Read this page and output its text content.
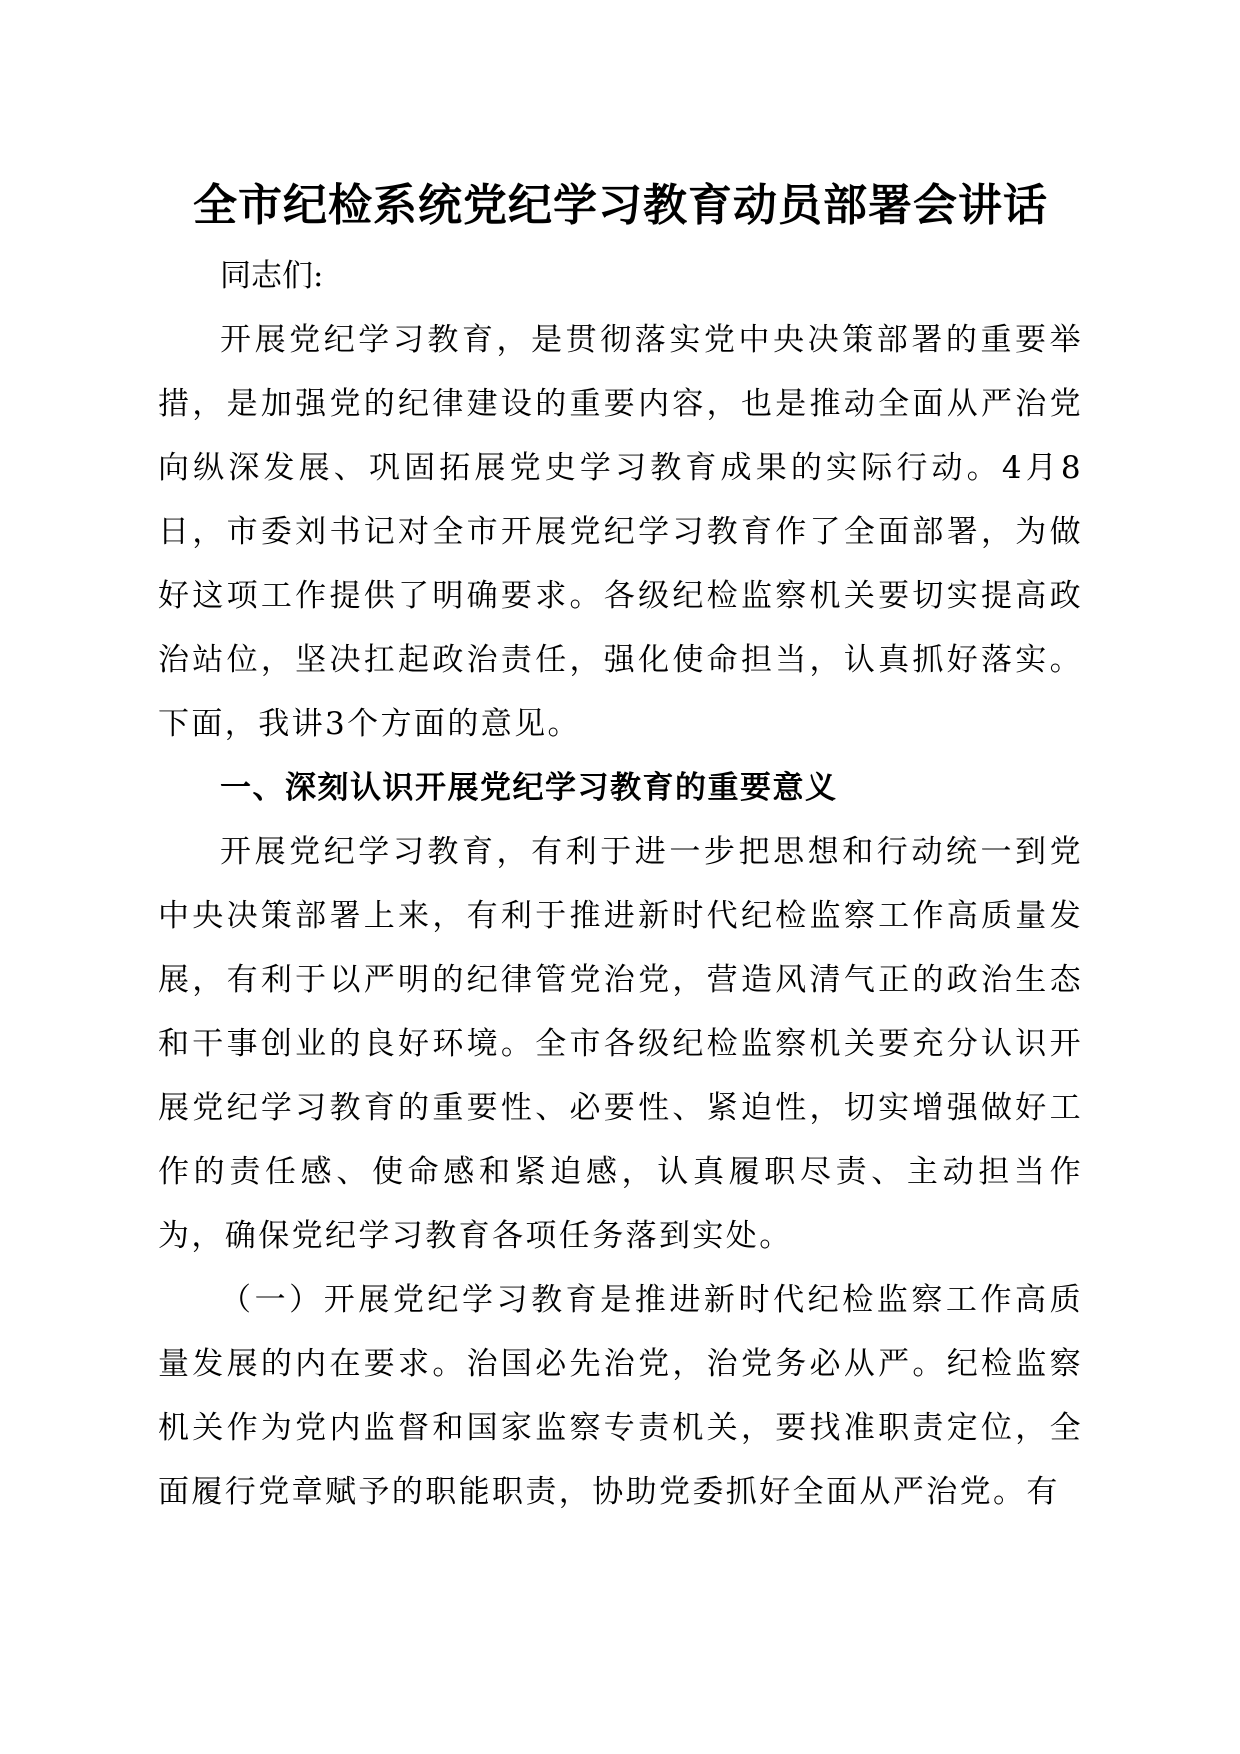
全市纪检系统党纪学习教育动员部署会讲话

同志们:

开展党纪学习教育，是贯彻落实党中央决策部署的重要举措，是加强党的纪律建设的重要内容，也是推动全面从严治党向纵深发展、巩固拓展党史学习教育成果的实际行动。4月8日，市委刘书记对全市开展党纪学习教育作了全面部署，为做好这项工作提供了明确要求。各级纪检监察机关要切实提高政治站位，坚决扛起政治责任，强化使命担当，认真抓好落实。下面，我讲3个方面的意见。

一、深刻认识开展党纪学习教育的重要意义

开展党纪学习教育，有利于进一步把思想和行动统一到党中央决策部署上来，有利于推进新时代纪检监察工作高质量发展，有利于以严明的纪律管党治党，营造风清气正的政治生态和干事创业的良好环境。全市各级纪检监察机关要充分认识开展党纪学习教育的重要性、必要性、紧迫性，切实增强做好工作的责任感、使命感和紧迫感，认真履职尽责、主动担当作为，确保党纪学习教育各项任务落到实处。

（一）开展党纪学习教育是推进新时代纪检监察工作高质量发展的内在要求。治国必先治党，治党务必从严。纪检监察机关作为党内监督和国家监察专责机关，要找准职责定位，全面履行党章赋予的职能职责，协助党委抓好全面从严治党。有
